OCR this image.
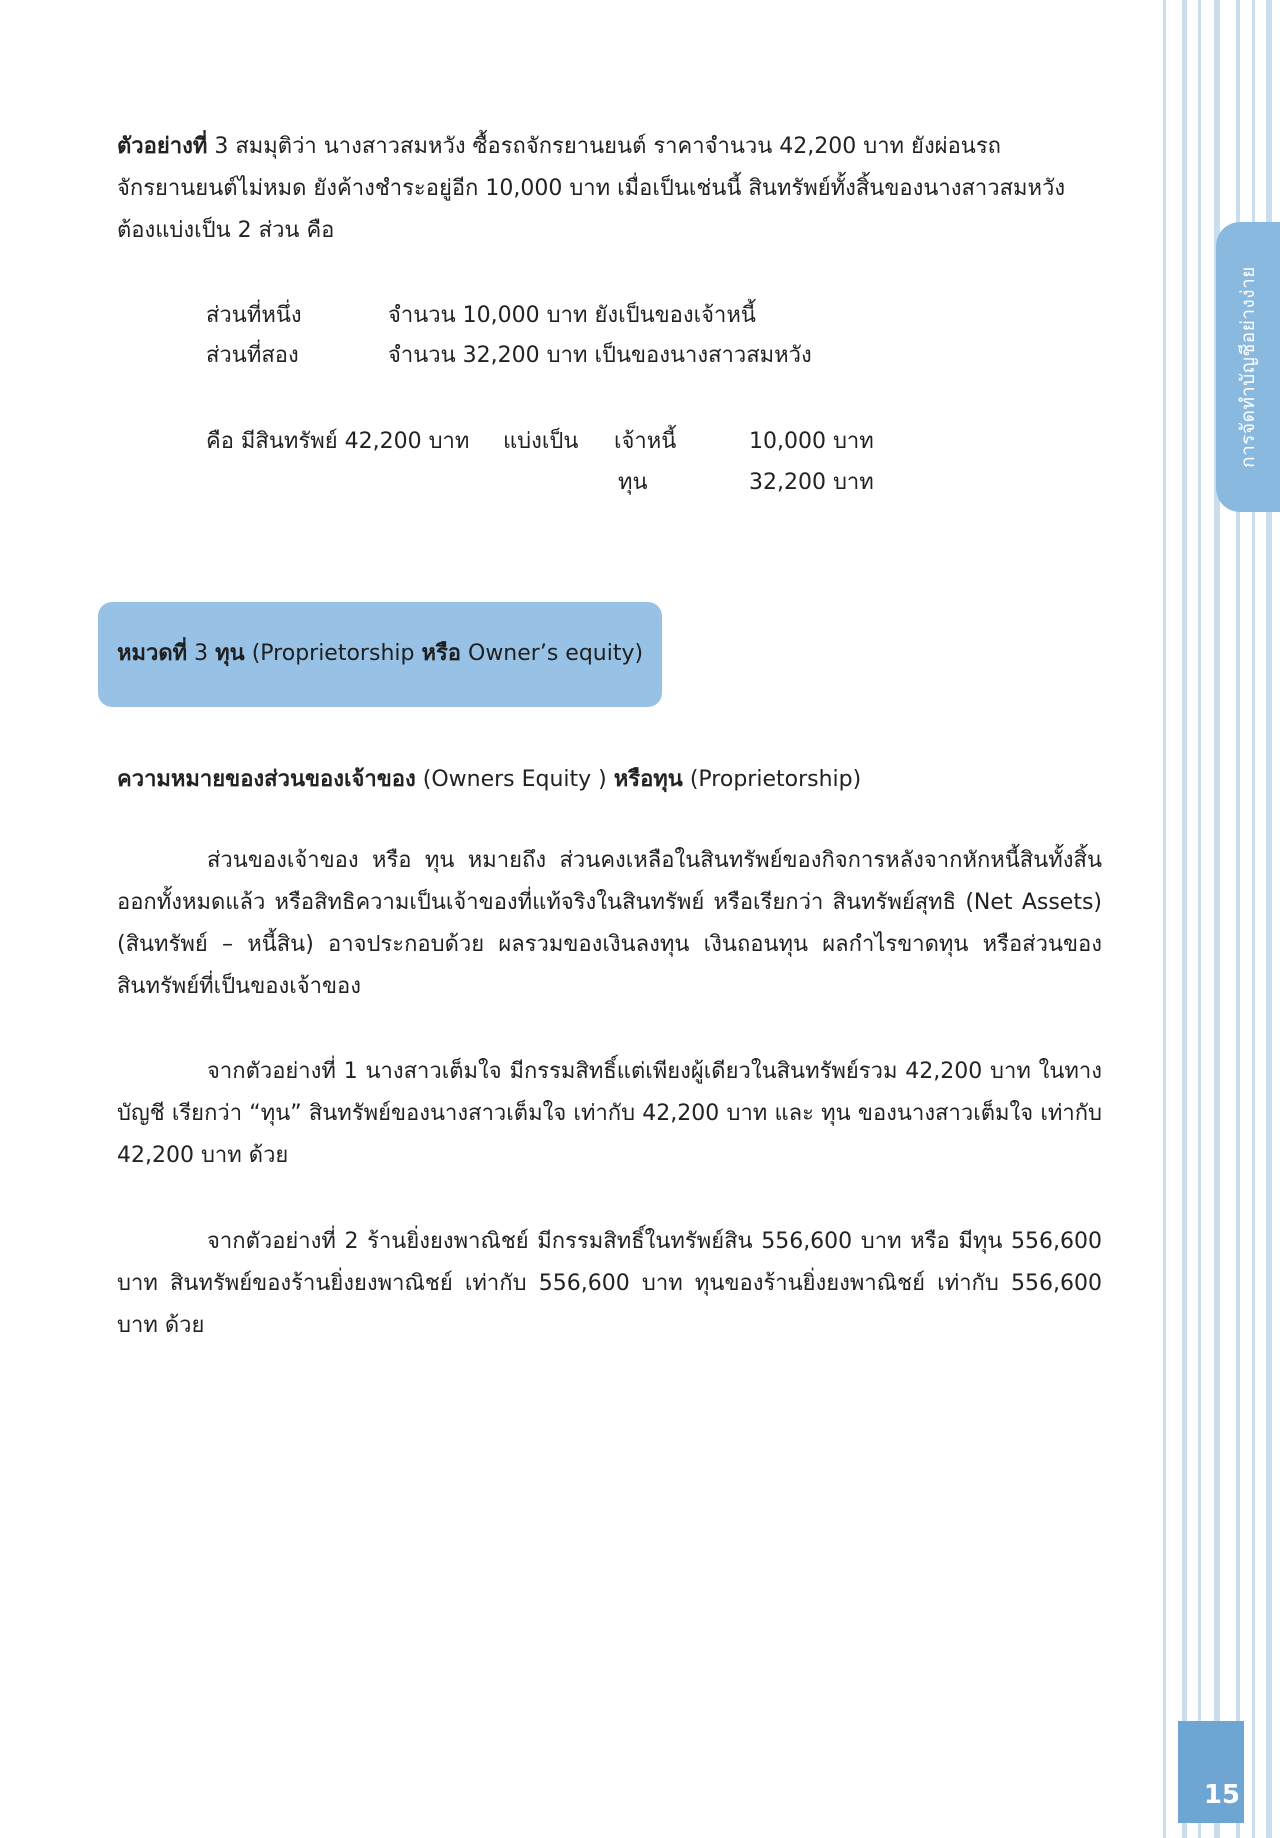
การจัดทำบัญชีอย่างง่าย
ตัวอย่างที่ 3 สมมุติว่า นางสาวสมหวัง ซื้อรถจักรยานยนต์ ราคาจำนวน 42,200 บาท ยังผ่อนรถ
จักรยานยนต์ไม่หมด ยังค้างชำระอยู่อีก 10,000 บาท เมื่อเป็นเช่นนี้ สินทรัพย์ทั้งสิ้นของนางสาวสมหวัง
ต้องแบ่งเป็น 2 ส่วน คือ
ส่วนที่หนึ่ง	จำนวน 10,000 บาท ยังเป็นของเจ้าหนี้
ส่วนที่สอง	จำนวน 32,200 บาท เป็นของนางสาวสมหวัง
คือ มีสินทรัพย์ 42,200 บาท แบ่งเป็น เจ้าหนี้	10,000 บาท
ทุน	32,200 บาท
หมวดที่ 3 ทุน (Proprietorship หรือ Owner’s equity)
ความหมายของส่วนของเจ้าของ (Owners Equity ) หรือทุน (Proprietorship)

ส่วนของเจ้าของ หรือ ทุน หมายถึง ส่วนคงเหลือในสินทรัพย์ของกิจการหลังจากหักหนี้สินทั้งสิ้นออกทั้งหมดแล้ว หรือสิทธิความเป็นเจ้าของที่แท้จริงในสินทรัพย์ หรือเรียกว่า สินทรัพย์สุทธิ (Net Assets) (สินทรัพย์ – หนี้สิน) อาจประกอบด้วย ผลรวมของเงินลงทุน เงินถอนทุน ผลกำไรขาดทุน หรือส่วนของสินทรัพย์ที่เป็นของเจ้าของ

จากตัวอย่างที่ 1 นางสาวเต็มใจ มีกรรมสิทธิ์แต่เพียงผู้เดียวในสินทรัพย์รวม 42,200 บาท ในทางบัญชี เรียกว่า “ทุน” สินทรัพย์ของนางสาวเต็มใจ เท่ากับ 42,200 บาท และ ทุน ของนางสาวเต็มใจ เท่ากับ 42,200 บาท ด้วย

จากตัวอย่างที่ 2 ร้านยิ่งยงพาณิชย์ มีกรรมสิทธิ์ในทรัพย์สิน 556,600 บาท หรือ มีทุน 556,600 บาท สินทรัพย์ของร้านยิ่งยงพาณิชย์ เท่ากับ 556,600 บาท ทุนของร้านยิ่งยงพาณิชย์ เท่ากับ 556,600 บาท ด้วย

15
